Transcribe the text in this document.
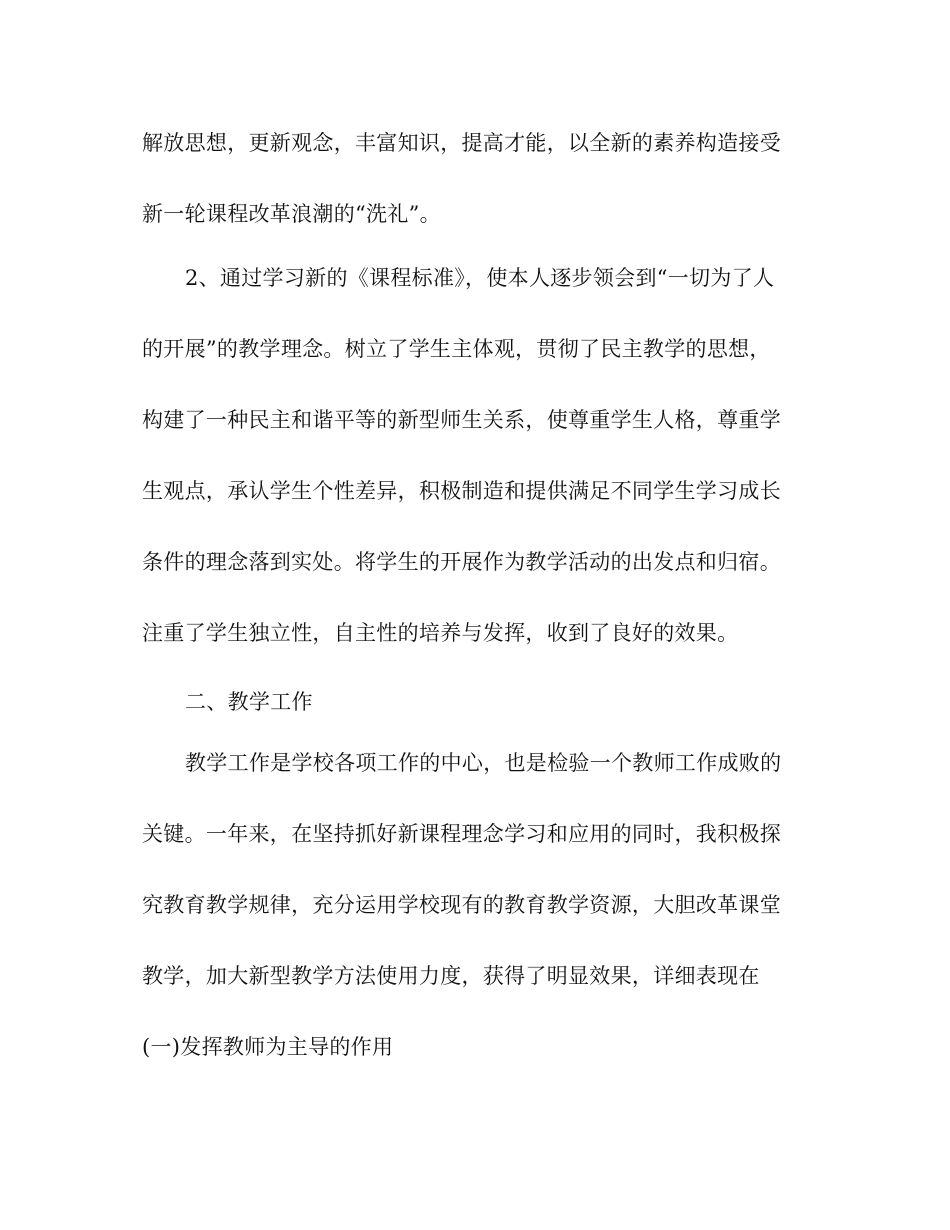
解放思想，更新观念，丰富知识，提高才能，以全新的素养构造接受
新一轮课程改革浪潮的“洗礼”。
2、通过学习新的《课程标准》，使本人逐步领会到“一切为了人
的开展”的教学理念。树立了学生主体观，贯彻了民主教学的思想，
构建了一种民主和谐平等的新型师生关系，使尊重学生人格，尊重学
生观点，承认学生个性差异，积极制造和提供满足不同学生学习成长
条件的理念落到实处。将学生的开展作为教学活动的出发点和归宿。
注重了学生独立性，自主性的培养与发挥，收到了良好的效果。
二、教学工作
教学工作是学校各项工作的中心，也是检验一个教师工作成败的
关键。一年来，在坚持抓好新课程理念学习和应用的同时，我积极探
究教育教学规律，充分运用学校现有的教育教学资源，大胆改革课堂
教学，加大新型教学方法使用力度，获得了明显效果，详细表现在
(一)发挥教师为主导的作用
